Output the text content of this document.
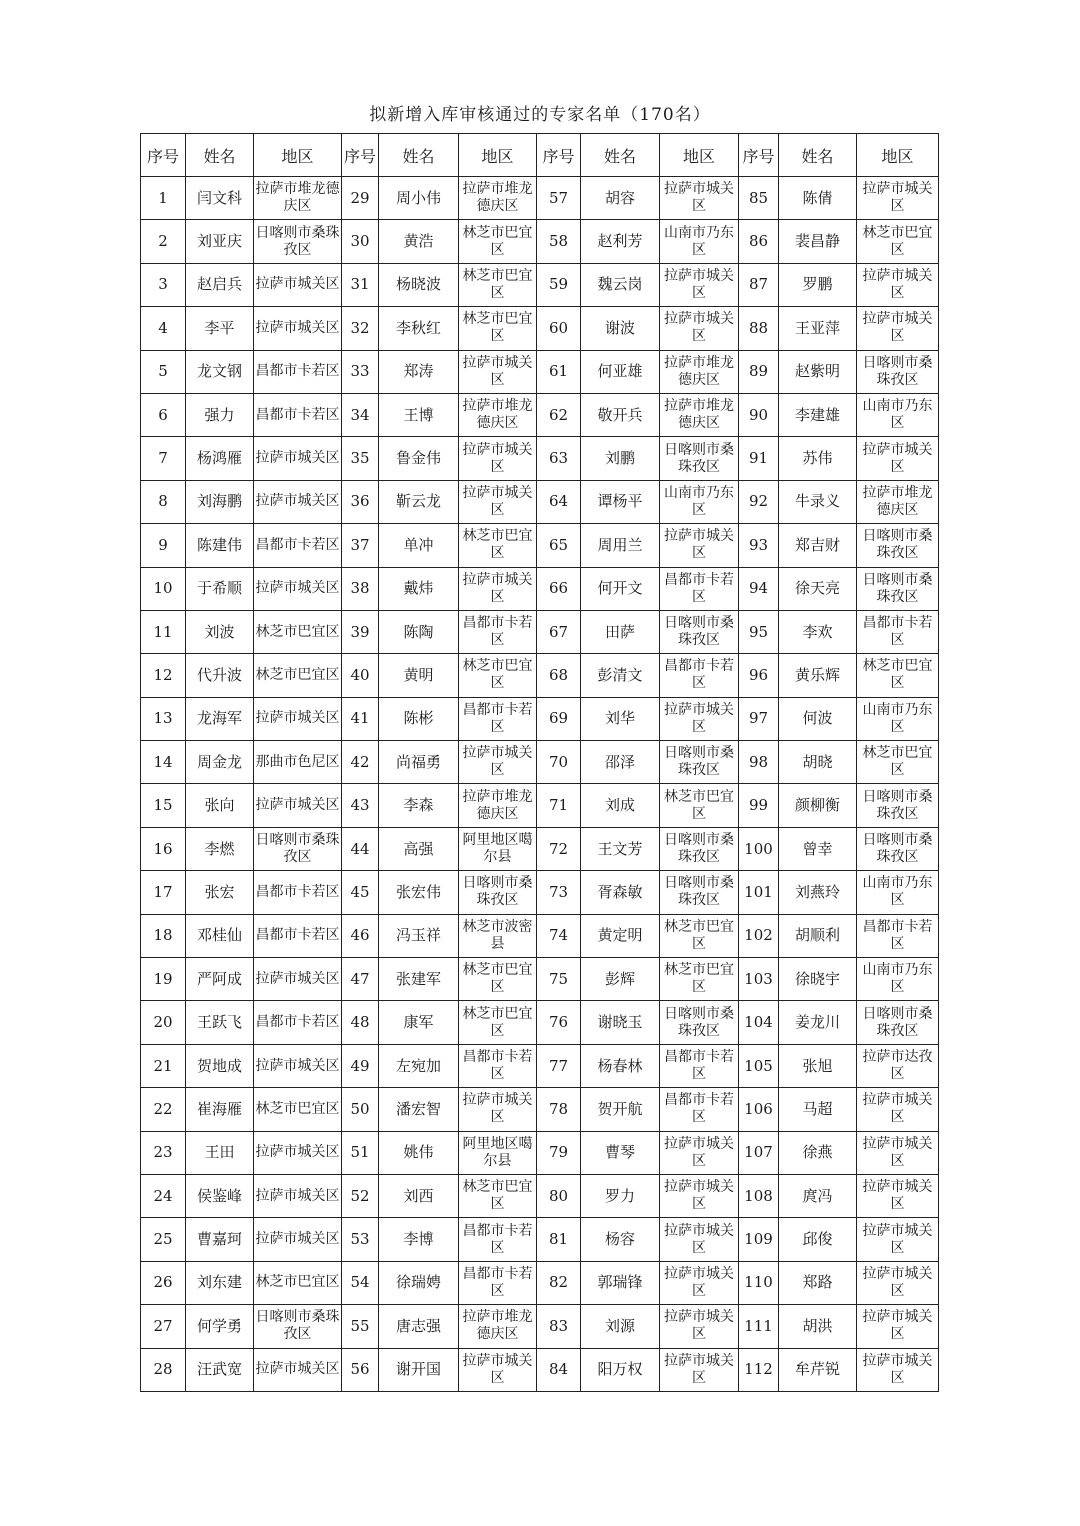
拟新增入库审核通过的专家名单（170名）
序号	姓名	地区	序号	姓名	地区	序号	姓名	地区	序号	姓名	地区
1	闫文科	拉萨市堆龙德庆区	29	周小伟	拉萨市堆龙德庆区	57	胡容	拉萨市城关区	85	陈倩	拉萨市城关区
2	刘亚庆	日喀则市桑珠孜区	30	黄浩	林芝市巴宜区	58	赵利芳	山南市乃东区	86	裴昌静	林芝市巴宜区
3	赵启兵	拉萨市城关区	31	杨晓波	林芝市巴宜区	59	魏云岗	拉萨市城关区	87	罗鹏	拉萨市城关区
4	李平	拉萨市城关区	32	李秋红	林芝市巴宜区	60	谢波	拉萨市城关区	88	王亚萍	拉萨市城关区
5	龙文钢	昌都市卡若区	33	郑涛	拉萨市城关区	61	何亚雄	拉萨市堆龙德庆区	89	赵紫明	日喀则市桑珠孜区
6	强力	昌都市卡若区	34	王博	拉萨市堆龙德庆区	62	敬开兵	拉萨市堆龙德庆区	90	李建雄	山南市乃东区
7	杨鸿雁	拉萨市城关区	35	鲁金伟	拉萨市城关区	63	刘鹏	日喀则市桑珠孜区	91	苏伟	拉萨市城关区
8	刘海鹏	拉萨市城关区	36	靳云龙	拉萨市城关区	64	谭杨平	山南市乃东区	92	牛录义	拉萨市堆龙德庆区
9	陈建伟	昌都市卡若区	37	单冲	林芝市巴宜区	65	周用兰	拉萨市城关区	93	郑吉财	日喀则市桑珠孜区
10	于希顺	拉萨市城关区	38	戴炜	拉萨市城关区	66	何开文	昌都市卡若区	94	徐天亮	日喀则市桑珠孜区
11	刘波	林芝市巴宜区	39	陈陶	昌都市卡若区	67	田萨	日喀则市桑珠孜区	95	李欢	昌都市卡若区
12	代升波	林芝市巴宜区	40	黄明	林芝市巴宜区	68	彭清文	昌都市卡若区	96	黄乐辉	林芝市巴宜区
13	龙海军	拉萨市城关区	41	陈彬	昌都市卡若区	69	刘华	拉萨市城关区	97	何波	山南市乃东区
14	周金龙	那曲市色尼区	42	尚福勇	拉萨市城关区	70	邵泽	日喀则市桑珠孜区	98	胡晓	林芝市巴宜区
15	张向	拉萨市城关区	43	李森	拉萨市堆龙德庆区	71	刘成	林芝市巴宜区	99	颜柳衡	日喀则市桑珠孜区
16	李燃	日喀则市桑珠孜区	44	高强	阿里地区噶尔县	72	王文芳	日喀则市桑珠孜区	100	曾幸	日喀则市桑珠孜区
17	张宏	昌都市卡若区	45	张宏伟	日喀则市桑珠孜区	73	胥森敏	日喀则市桑珠孜区	101	刘燕玲	山南市乃东区
18	邓桂仙	昌都市卡若区	46	冯玉祥	林芝市波密县	74	黄定明	林芝市巴宜区	102	胡顺利	昌都市卡若区
19	严阿成	拉萨市城关区	47	张建军	林芝市巴宜区	75	彭辉	林芝市巴宜区	103	徐晓宇	山南市乃东区
20	王跃飞	昌都市卡若区	48	康军	林芝市巴宜区	76	谢晓玉	日喀则市桑珠孜区	104	姜龙川	日喀则市桑珠孜区
21	贺地成	拉萨市城关区	49	左宛加	昌都市卡若区	77	杨春林	昌都市卡若区	105	张旭	拉萨市达孜区
22	崔海雁	林芝市巴宜区	50	潘宏智	拉萨市城关区	78	贺开航	昌都市卡若区	106	马超	拉萨市城关区
23	王田	拉萨市城关区	51	姚伟	阿里地区噶尔县	79	曹琴	拉萨市城关区	107	徐燕	拉萨市城关区
24	侯鉴峰	拉萨市城关区	52	刘西	林芝市巴宜区	80	罗力	拉萨市城关区	108	庹冯	拉萨市城关区
25	曹嘉珂	拉萨市城关区	53	李博	昌都市卡若区	81	杨容	拉萨市城关区	109	邱俊	拉萨市城关区
26	刘东建	林芝市巴宜区	54	徐瑞娉	昌都市卡若区	82	郭瑞锋	拉萨市城关区	110	郑路	拉萨市城关区
27	何学勇	日喀则市桑珠孜区	55	唐志强	拉萨市堆龙德庆区	83	刘源	拉萨市城关区	111	胡洪	拉萨市城关区
28	汪武宽	拉萨市城关区	56	谢开国	拉萨市城关区	84	阳万权	拉萨市城关区	112	牟芹锐	拉萨市城关区
